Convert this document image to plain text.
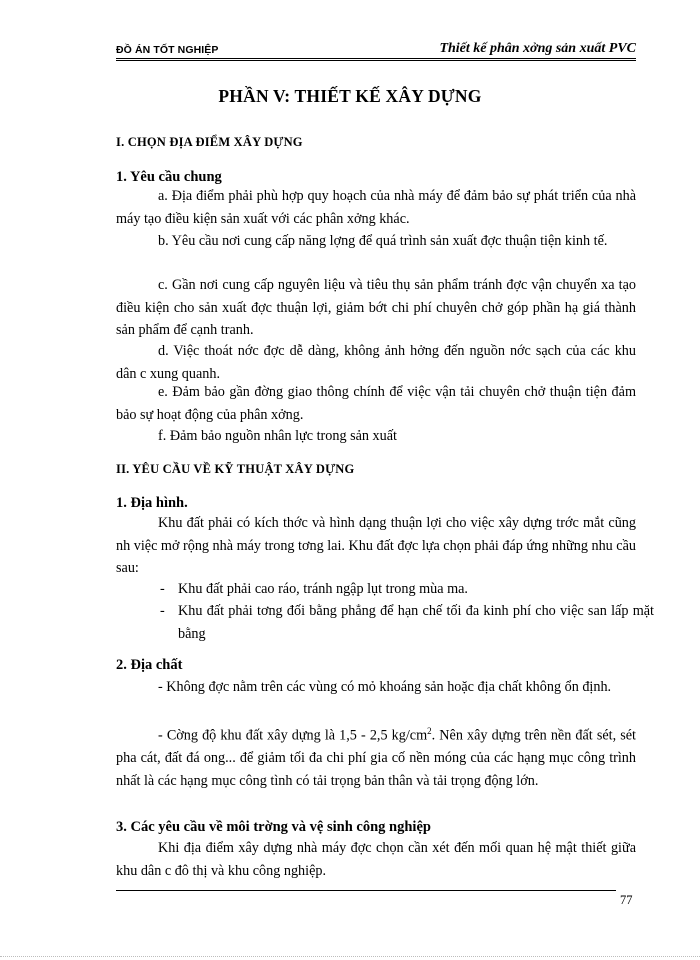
ĐỒ ÁN TỐT NGHIỆP	Thiết kế phân xởng sản xuất PVC
PHẦN V: THIẾT KẾ XÂY DỰNG
I. CHỌN ĐỊA ĐIỂM XÂY DỰNG
1. Yêu cầu chung
a. Địa điểm phải phù hợp quy hoạch của nhà máy để đảm bảo sự phát triển của nhà máy tạo điều kiện sản xuất với các phân xởng khác.
b. Yêu cầu nơi cung cấp năng lợng để quá trình sản xuất đợc thuận tiện kinh tế.
c. Gần nơi cung cấp nguyên liệu và tiêu thụ sản phẩm tránh đợc vận chuyển xa tạo điều kiện cho sản xuất đợc thuận lợi, giảm bớt chi phí chuyên chở góp phần hạ giá thành sản phẩm để cạnh tranh.
d. Việc thoát nớc đợc dễ dàng, không ảnh hởng đến nguồn nớc sạch của các khu dân c xung quanh.
e. Đảm bảo gần đờng giao thông chính để việc vận tải chuyên chở thuận tiện đảm bảo sự hoạt động của phân xởng.
f. Đảm bảo nguồn nhân lực trong sản xuất
II. YÊU CẦU VỀ KỸ THUẬT XÂY DỰNG
1. Địa hình.
Khu đất phải có kích thớc và hình dạng thuận lợi cho việc xây dựng trớc mắt cũng nh việc mở rộng nhà máy trong tơng lai. Khu đất đợc lựa chọn phải đáp ứng những nhu cầu sau:
- Khu đất phải cao ráo, tránh ngập lụt trong mùa ma.
- Khu đất phải tơng đối bằng phẳng để hạn chế tối đa kinh phí cho việc san lấp mặt bằng
2. Địa chất
- Không đợc nằm trên các vùng có mỏ khoáng sản hoặc địa chất không ổn định.
- Cờng độ khu đất xây dựng là 1,5 - 2,5 $kg/cm^2$. Nên xây dựng trên nền đất sét, sét pha cát, đất đá ong... để giảm tối đa chi phí gia cố nền móng của các hạng mục công trình nhất là các hạng mục công tình có tải trọng bản thân và tải trọng động lớn.
3. Các yêu cầu về môi trờng và vệ sinh công nghiệp
Khi địa điểm xây dựng nhà máy đợc chọn cần xét đến mối quan hệ mật thiết giữa khu dân c đô thị và khu công nghiệp.
77
